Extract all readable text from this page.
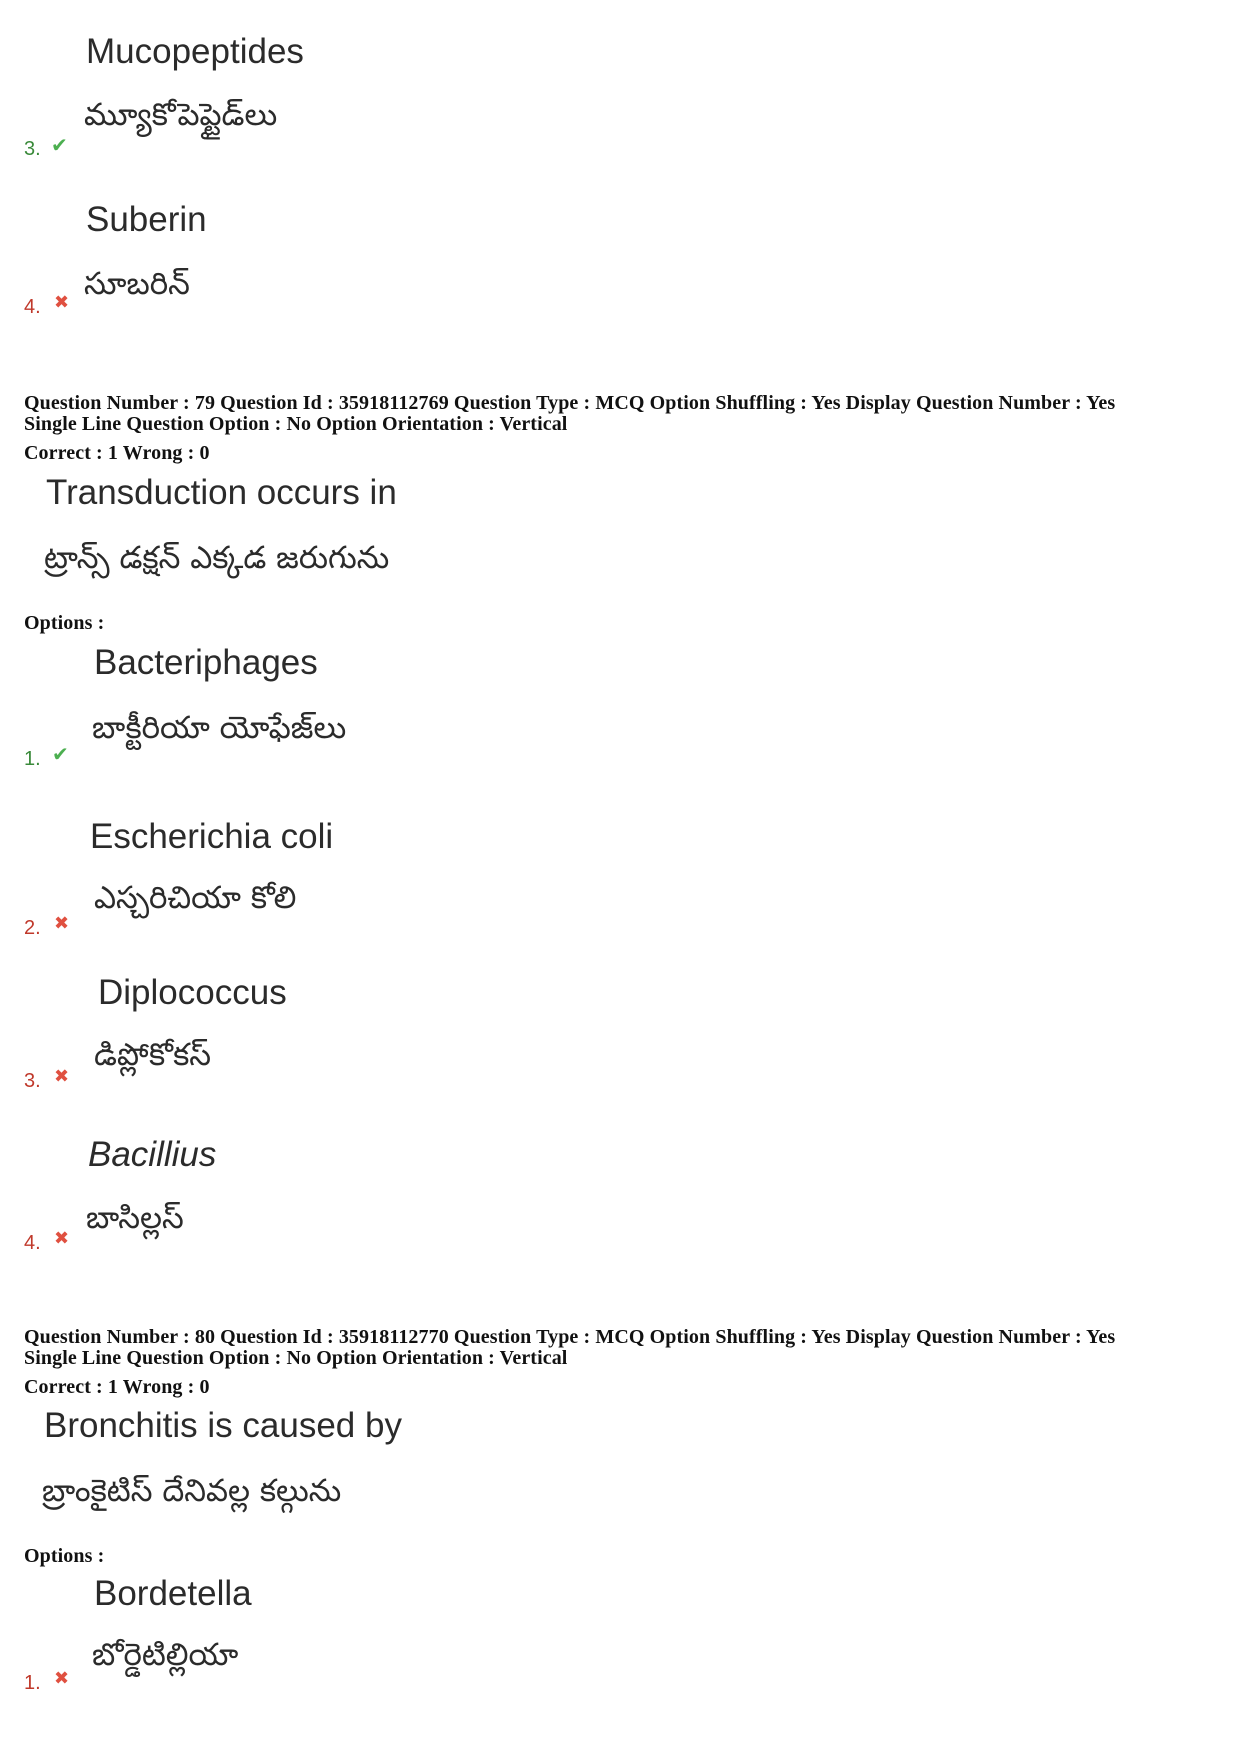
Mucopeptides
మ్యూకోపెప్టైడ్‌లు
3. ✔
Suberin
సూబరిన్
4. ✖
Question Number : 79 Question Id : 35918112769 Question Type : MCQ Option Shuffling : Yes Display Question Number : Yes
Single Line Question Option : No Option Orientation : Vertical
Correct : 1 Wrong : 0
Transduction occurs in
ట్రాన్స్ డక్షన్ ఎక్కడ జరుగును
Options :
Bacteriphages
బాక్టీరియా యోఫేజ్‌లు
1. ✔
Escherichia coli
ఎస్చరిచియా కోలి
2. ✖
Diplococcus
డిప్లోకోకస్
3. ✖
Bacillius
బాసిల్లస్
4. ✖
Question Number : 80 Question Id : 35918112770 Question Type : MCQ Option Shuffling : Yes Display Question Number : Yes
Single Line Question Option : No Option Orientation : Vertical
Correct : 1 Wrong : 0
Bronchitis is caused by
బ్రాంకైటిస్ దేనివల్ల కల్గును
Options :
Bordetella
బోర్డెటిల్లియా
1. ✖
